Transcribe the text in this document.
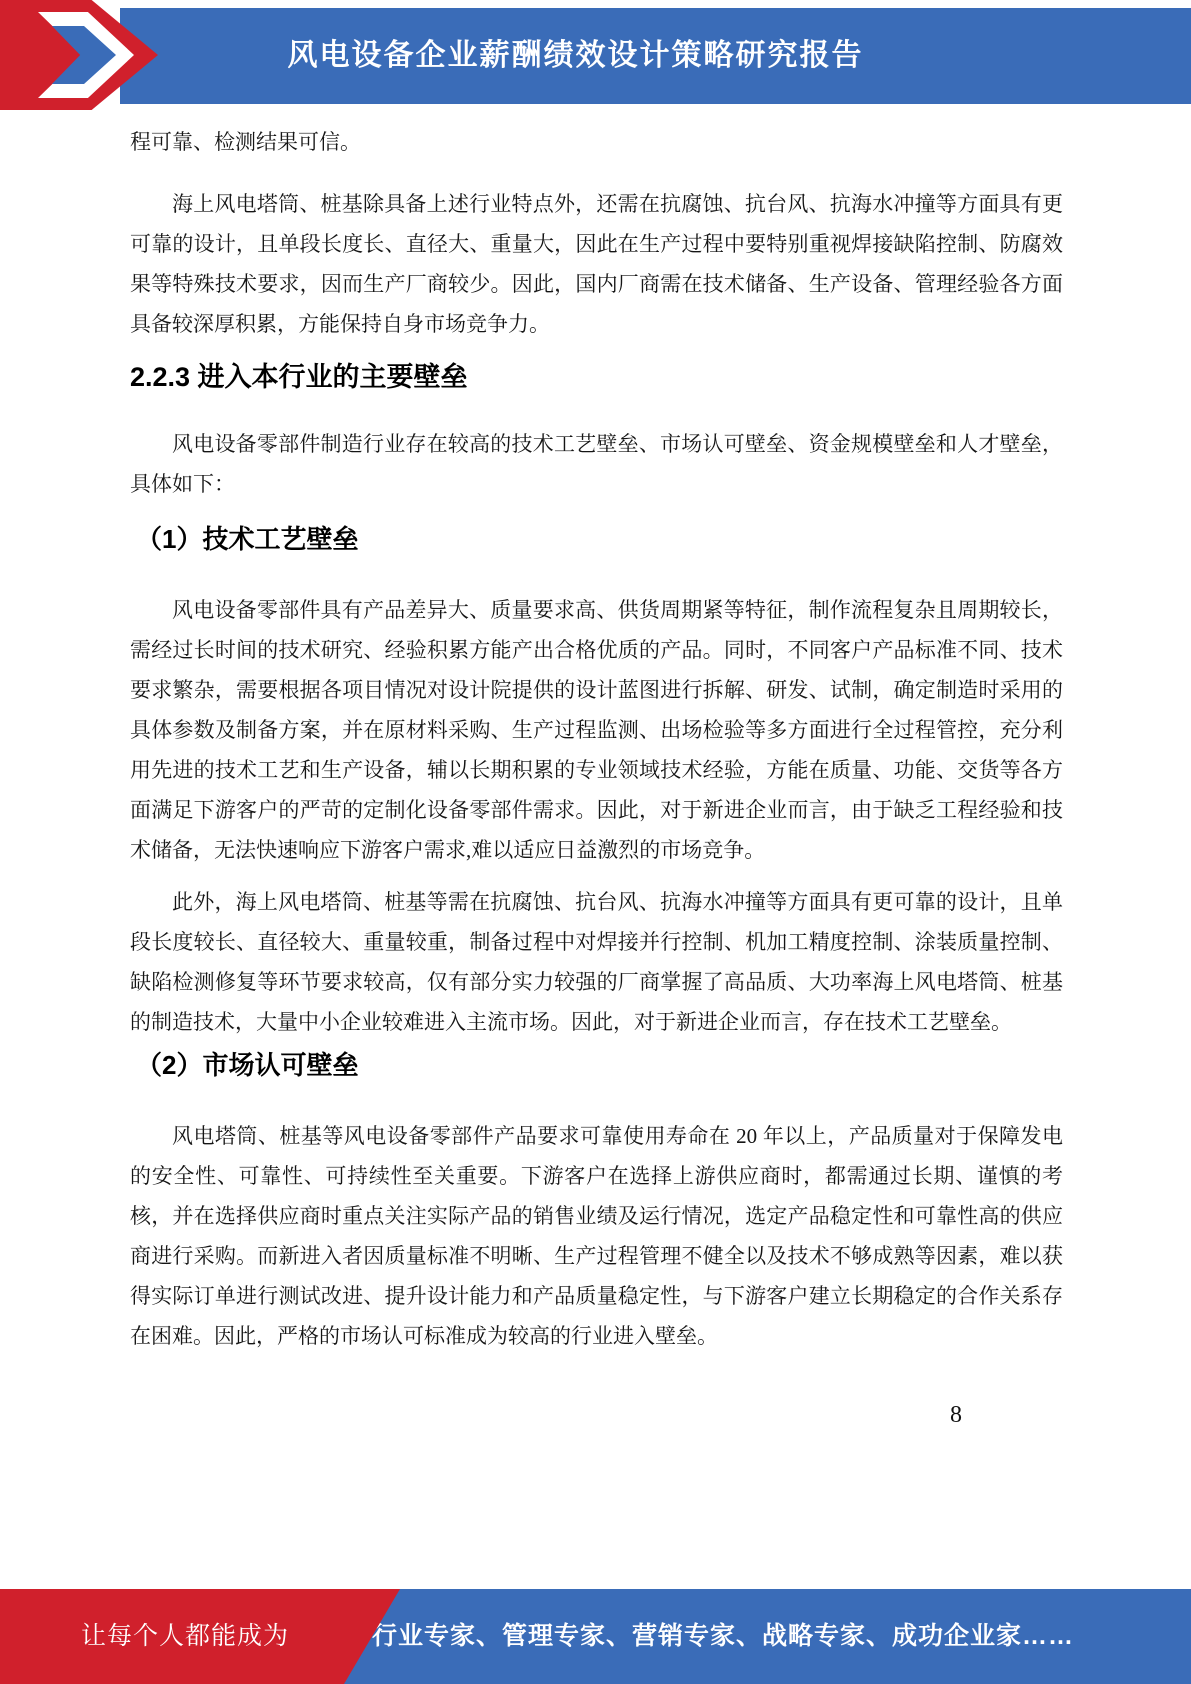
风电设备企业薪酬绩效设计策略研究报告

程可靠、检测结果可信。

海上风电塔筒、桩基除具备上述行业特点外，还需在抗腐蚀、抗台风、抗海水冲撞等方面具有更可靠的设计，且单段长度长、直径大、重量大，因此在生产过程中要特别重视焊接缺陷控制、防腐效果等特殊技术要求，因而生产厂商较少。因此，国内厂商需在技术储备、生产设备、管理经验各方面具备较深厚积累，方能保持自身市场竞争力。

2.2.3 进入本行业的主要壁垒

风电设备零部件制造行业存在较高的技术工艺壁垒、市场认可壁垒、资金规模壁垒和人才壁垒，具体如下：

（1）技术工艺壁垒

风电设备零部件具有产品差异大、质量要求高、供货周期紧等特征，制作流程复杂且周期较长，需经过长时间的技术研究、经验积累方能产出合格优质的产品。同时，不同客户产品标准不同、技术要求繁杂，需要根据各项目情况对设计院提供的设计蓝图进行拆解、研发、试制，确定制造时采用的具体参数及制备方案，并在原材料采购、生产过程监测、出场检验等多方面进行全过程管控，充分利用先进的技术工艺和生产设备，辅以长期积累的专业领域技术经验，方能在质量、功能、交货等各方面满足下游客户的严苛的定制化设备零部件需求。因此，对于新进企业而言，由于缺乏工程经验和技术储备，无法快速响应下游客户需求,难以适应日益激烈的市场竞争。

此外，海上风电塔筒、桩基等需在抗腐蚀、抗台风、抗海水冲撞等方面具有更可靠的设计，且单段长度较长、直径较大、重量较重，制备过程中对焊接并行控制、机加工精度控制、涂装质量控制、缺陷检测修复等环节要求较高，仅有部分实力较强的厂商掌握了高品质、大功率海上风电塔筒、桩基的制造技术，大量中小企业较难进入主流市场。因此，对于新进企业而言，存在技术工艺壁垒。

（2）市场认可壁垒

风电塔筒、桩基等风电设备零部件产品要求可靠使用寿命在 20 年以上，产品质量对于保障发电的安全性、可靠性、可持续性至关重要。下游客户在选择上游供应商时，都需通过长期、谨慎的考核，并在选择供应商时重点关注实际产品的销售业绩及运行情况，选定产品稳定性和可靠性高的供应商进行采购。而新进入者因质量标准不明晰、生产过程管理不健全以及技术不够成熟等因素，难以获得实际订单进行测试改进、提升设计能力和产品质量稳定性，与下游客户建立长期稳定的合作关系存在困难。因此，严格的市场认可标准成为较高的行业进入壁垒。

8
行业专家、管理专家、营销专家、战略专家、成功企业家……
让每个人都能成为
